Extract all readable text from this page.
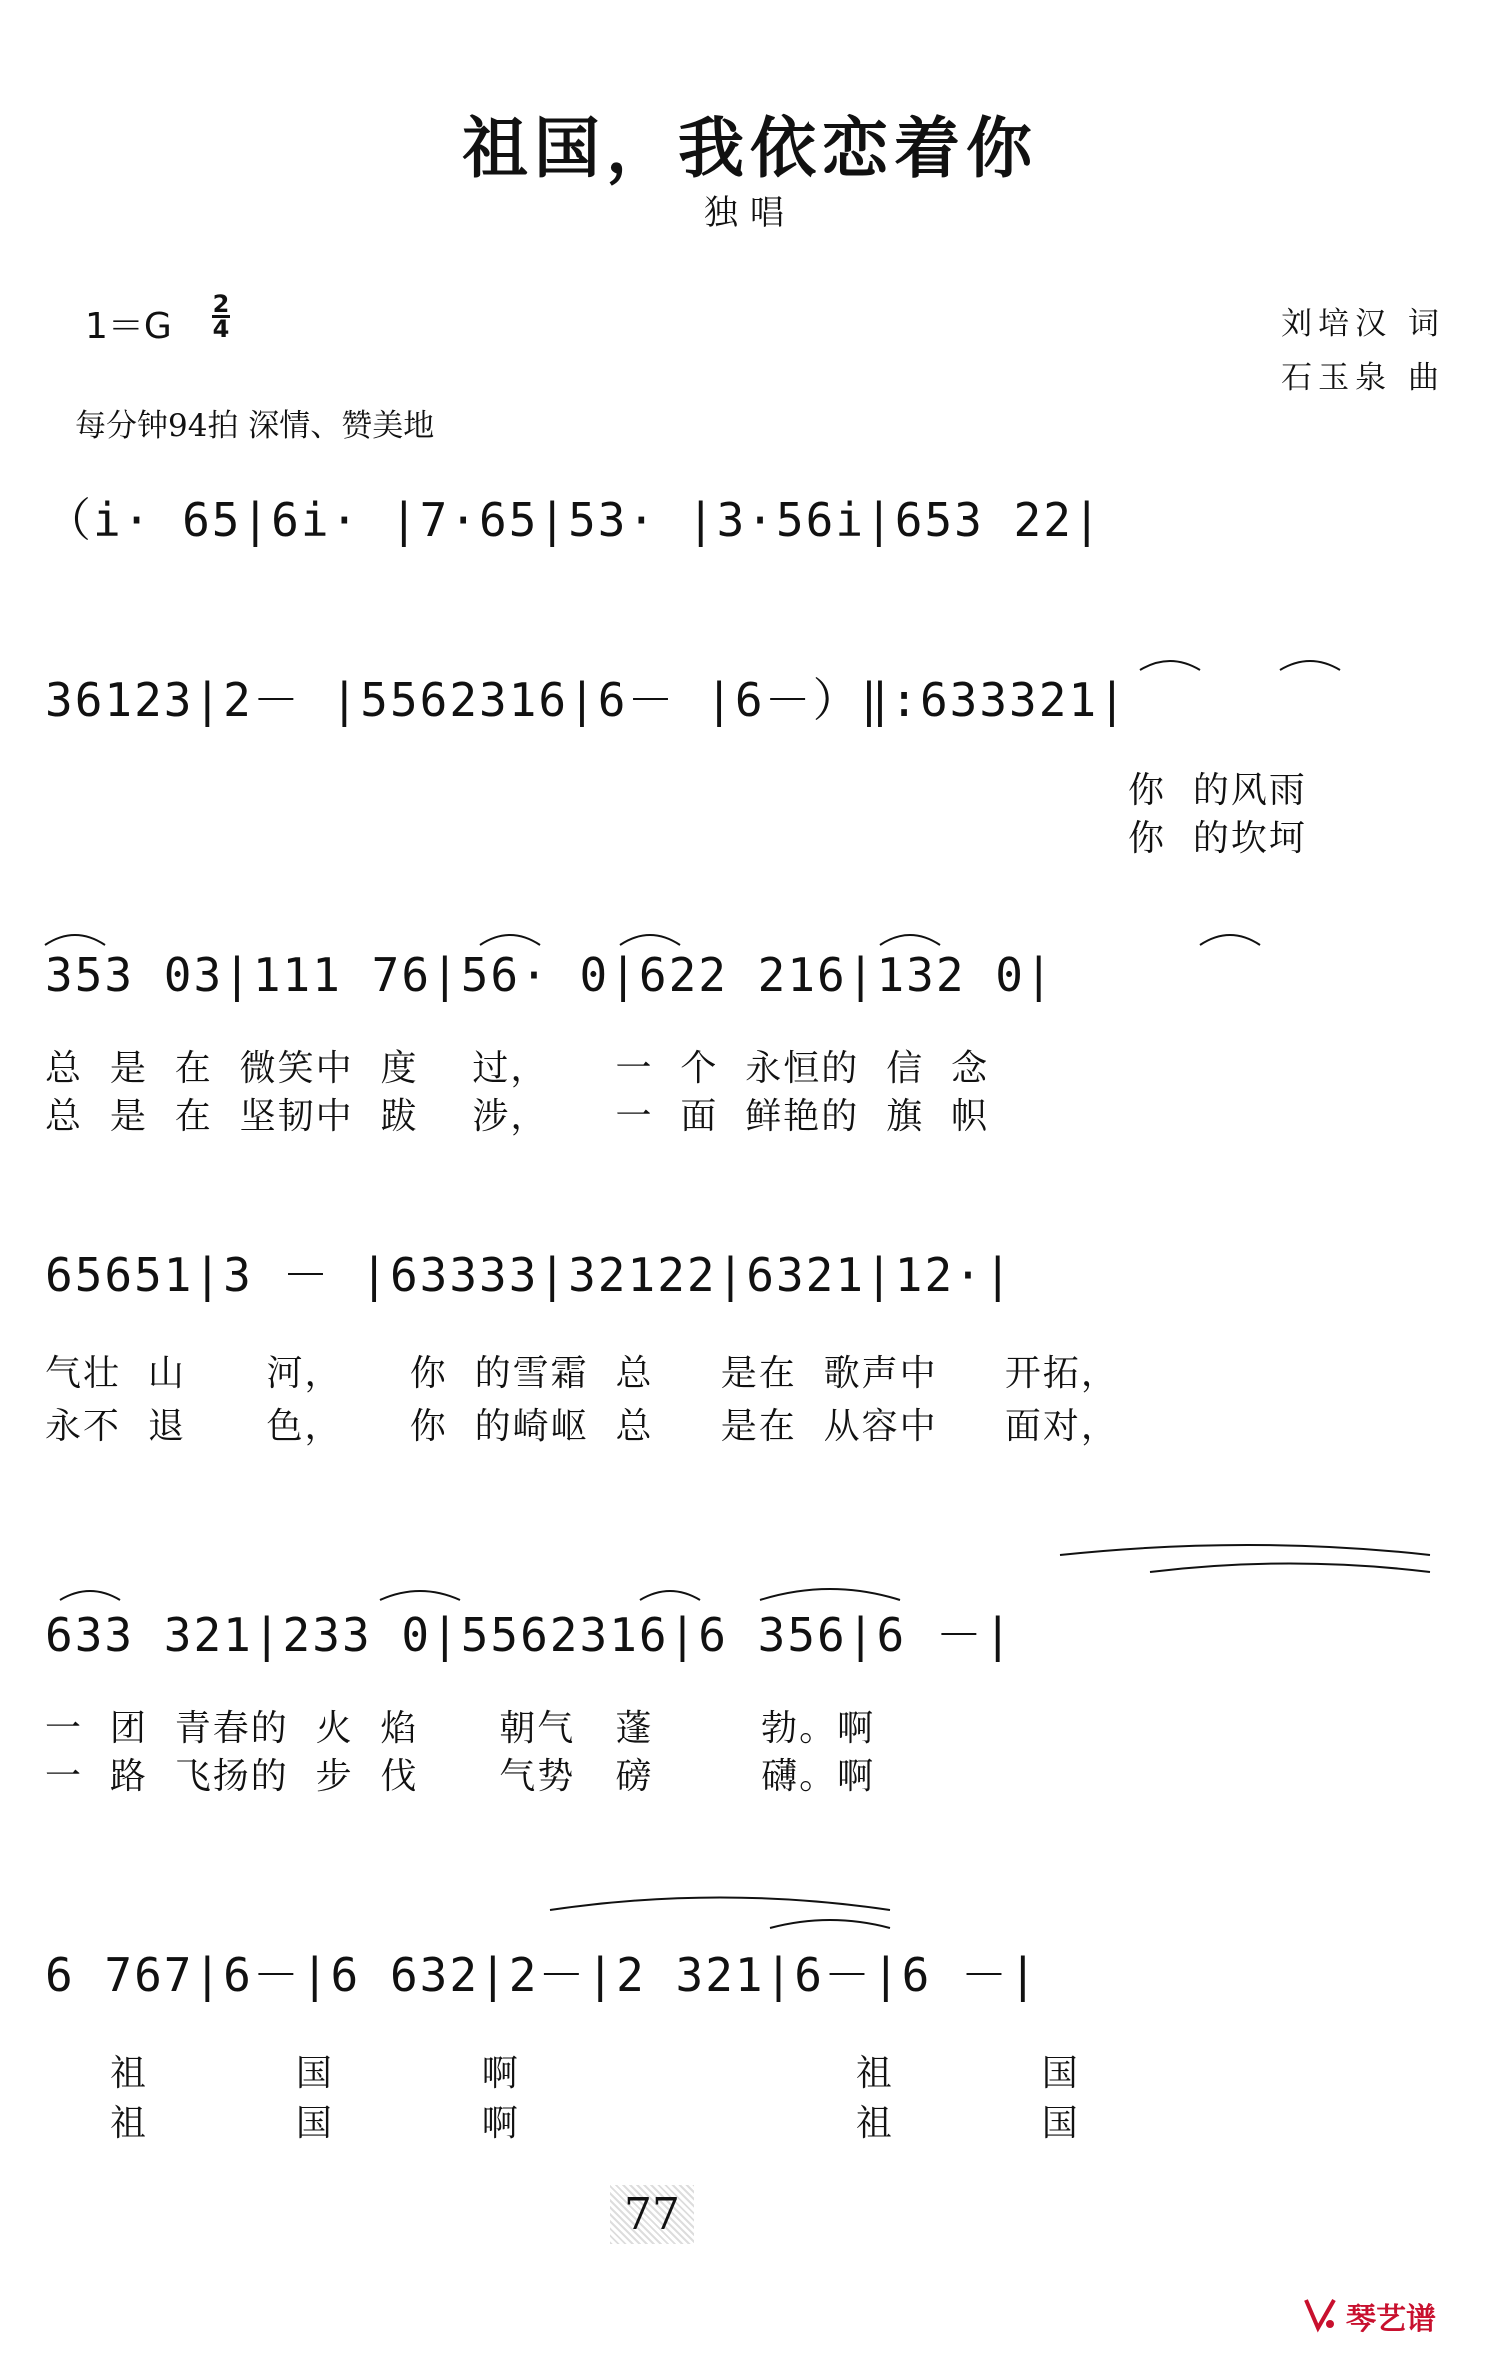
祖国，我依恋着你
独唱
1＝G
2
4	刘培汉 词
石玉泉 曲
每分钟94拍 深情、赞美地
（i· 65|6i· |7·65|53· |3·56i|653 22|
36123|2－ |5562316|6－ |6－）‖:633321|
你  的风雨
你  的坎坷
353 03|111 76|56· 0|622 216|132 0|
总  是  在  微笑中  度    过，     一  个  永恒的  信  念
总  是  在  坚韧中  跋    涉，     一  面  鲜艳的  旗  帜
65651|3 － |63333|32122|6321|12·|
气壮  山      河，     你  的雪霜  总     是在  歌声中     开拓，
永不  退      色，     你  的崎岖  总     是在  从容中     面对，
633 321|233 0|5562316|6 356|6 －|
一  团  青春的  火  焰      朝气   蓬        勃。啊
一  路  飞扬的  步  伐      气势   磅        礴。啊
6 767|6－|6 632|2－|2 321|6－|6 －|
祖           国           啊                         祖           国
祖           国           啊                         祖           国
77
琴艺谱
